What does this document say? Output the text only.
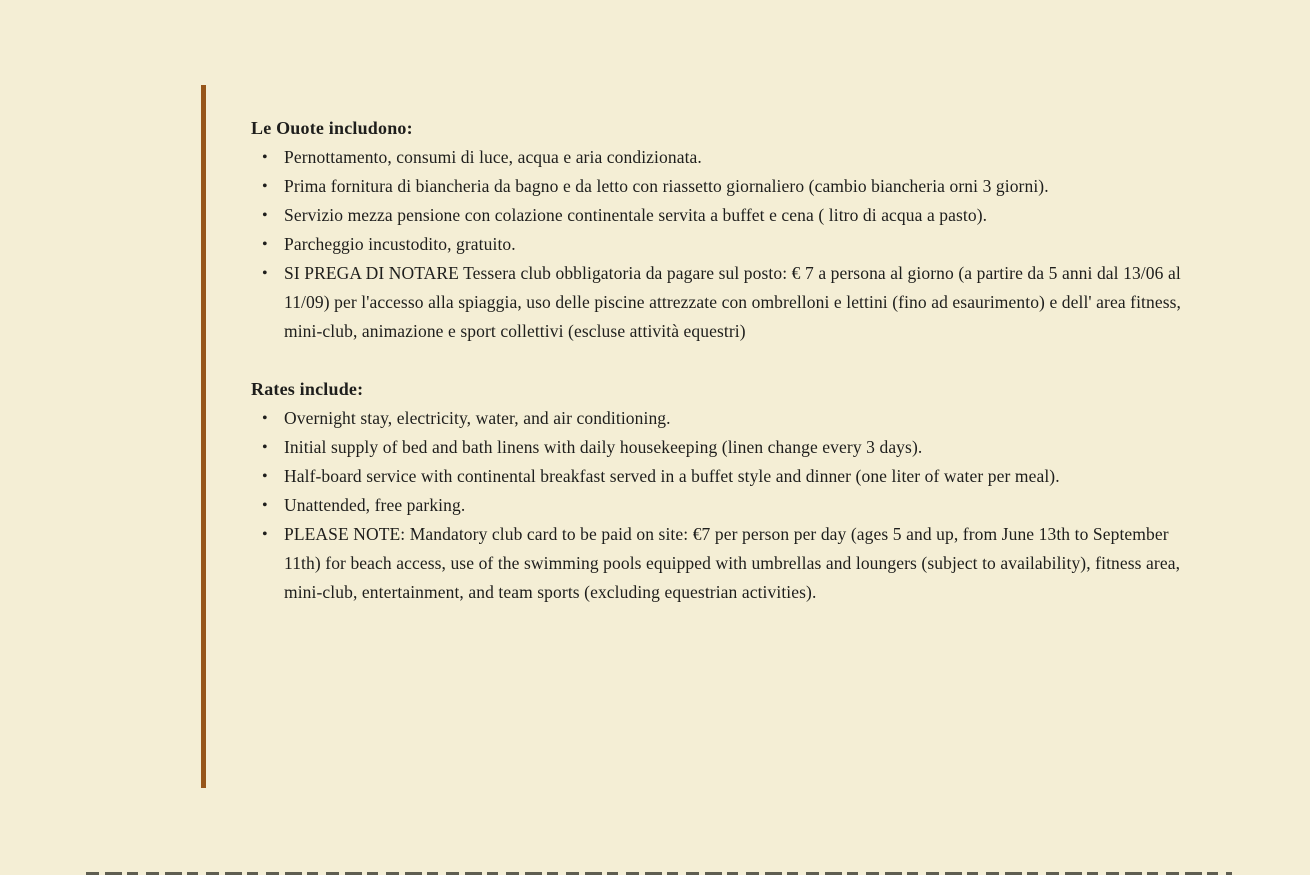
Le Ouote includono:
• Pernottamento, consumi di luce, acqua e aria condizionata.
• Prima fornitura di biancheria da bagno e da letto con riassetto giornaliero (cambio biancheria orni 3 giorni).
• Servizio mezza pensione con colazione continentale servita a buffet e cena ( litro di acqua a pasto).
• Parcheggio incustodito, gratuito.
• SI PREGA DI NOTARE Tessera club obbligatoria da pagare sul posto: € 7 a persona al giorno (a partire da 5 anni dal 13/06 al 11/09) per l'accesso alla spiaggia, uso delle piscine attrezzate con ombrelloni e lettini (fino ad esaurimento) e dell' area fitness, mini-club, animazione e sport collettivi (escluse attività equestri)
Rates include:
• Overnight stay, electricity, water, and air conditioning.
• Initial supply of bed and bath linens with daily housekeeping (linen change every 3 days).
• Half-board service with continental breakfast served in a buffet style and dinner (one liter of water per meal).
• Unattended, free parking.
• PLEASE NOTE: Mandatory club card to be paid on site: €7 per person per day (ages 5 and up, from June 13th to September 11th) for beach access, use of the swimming pools equipped with umbrellas and loungers (subject to availability), fitness area, mini-club, entertainment, and team sports (excluding equestrian activities).
